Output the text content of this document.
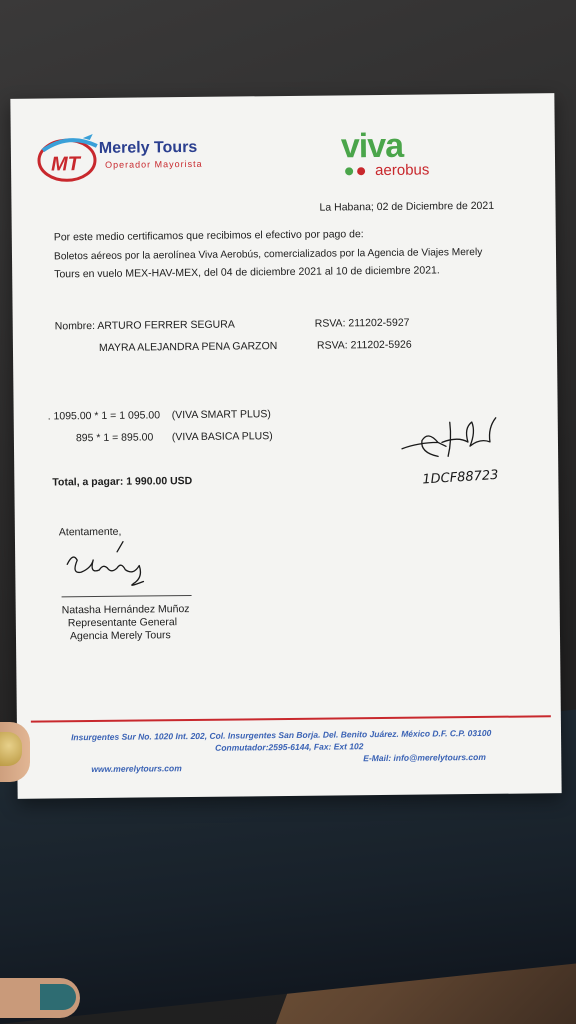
MT
Merely Tours
Operador Mayorista	viva
aerobus
La Habana; 02 de Diciembre de 2021
Por este medio certificamos que recibimos el efectivo por pago de:
Boletos aéreos por la aerolínea Viva Aerobús, comercializados por la Agencia de Viajes Merely
Tours en vuelo MEX-HAV-MEX, del 04 de diciembre 2021 al 10 de diciembre 2021.
Nombre: ARTURO FERRER SEGURA	RSVA: 211202-5927
MAYRA ALEJANDRA PENA GARZON	RSVA: 211202-5926
. 1095.00 * 1 = 1 095.00 (VIVA SMART PLUS)
895 * 1 = 895.00 (VIVA BASICA PLUS)
Total, a pagar: 1 990.00 USD	1DCF88723
Atentamente,
Natasha Hernández Muñoz
Representante General
Agencia Merely Tours
Insurgentes Sur No. 1020 Int. 202, Col. Insurgentes San Borja. Del. Benito Juárez. México D.F. C.P. 03100
Conmutador:2595-6144, Fax: Ext 102
www.merelytours.com
E-Mail: info@merelytours.com
